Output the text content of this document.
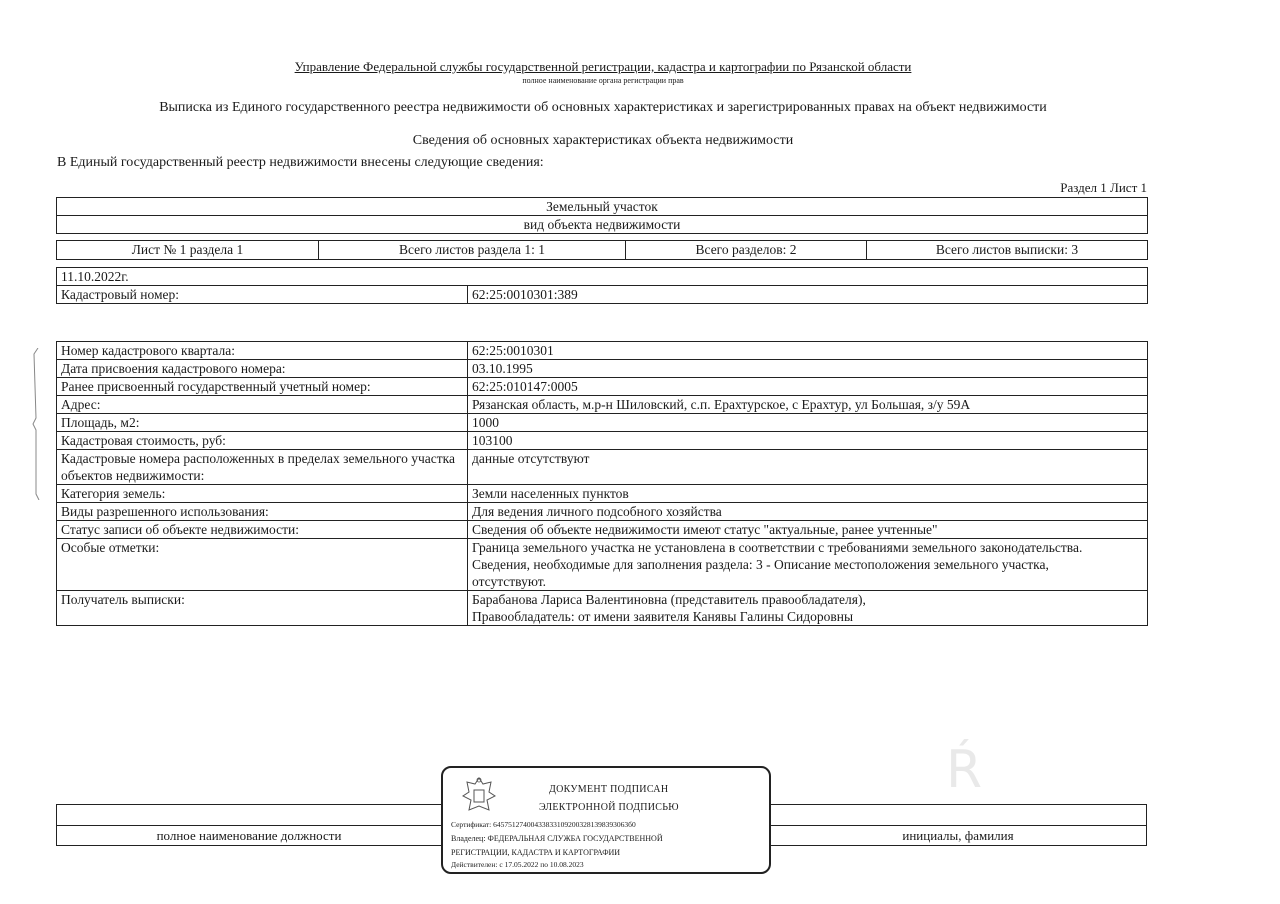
Управление Федеральной службы государственной регистрации, кадастра и картографии по Рязанской области
полное наименование органа регистрации прав
Выписка из Единого государственного реестра недвижимости об основных характеристиках и зарегистрированных правах на объект недвижимости
Сведения об основных характеристиках объекта недвижимости
В Единый государственный реестр недвижимости внесены следующие сведения:
Раздел 1 Лист 1
Земельный участок
вид объекта недвижимости
Лист № 1 раздела 1	Всего листов раздела 1: 1	Всего разделов: 2	Всего листов выписки: 3
11.10.2022г.
Кадастровый номер:	62:25:0010301:389
Номер кадастрового квартала:	62:25:0010301
Дата присвоения кадастрового номера:	03.10.1995
Ранее присвоенный государственный учетный номер:	62:25:010147:0005
Адрес:	Рязанская область, м.р-н Шиловский, с.п. Ерахтурское, с Ерахтур, ул Большая, з/у 59А
Площадь, м2:	1000
Кадастровая стоимость, руб:	103100
Кадастровые номера расположенных в пределах земельного участка объектов недвижимости:	данные отсутствуют
Категория земель:	Земли населенных пунктов
Виды разрешенного использования:	Для ведения личного подсобного хозяйства
Статус записи об объекте недвижимости:	Сведения об объекте недвижимости имеют статус "актуальные, ранее учтенные"
Особые отметки:	Граница земельного участка не установлена в соответствии с требованиями земельного законодательства. Сведения, необходимые для заполнения раздела: 3 - Описание местоположения земельного участка, отсутствуют.
Получатель выписки:	Барабанова Лариса Валентиновна (представитель правообладателя), Правообладатель: от имени заявителя Канявы Галины Сидоровны
полное наименование должности	инициалы, фамилия
Ŕ
ДОКУМЕНТ ПОДПИСАН
ЭЛЕКТРОННОЙ ПОДПИСЬЮ
Сертификат: 645751274004338331092003281398393063б0
Владелец: ФЕДЕРАЛЬНАЯ СЛУЖБА ГОСУДАРСТВЕННОЙ
РЕГИСТРАЦИИ, КАДАСТРА И КАРТОГРАФИИ
Действителен: с 17.05.2022 по 10.08.2023
